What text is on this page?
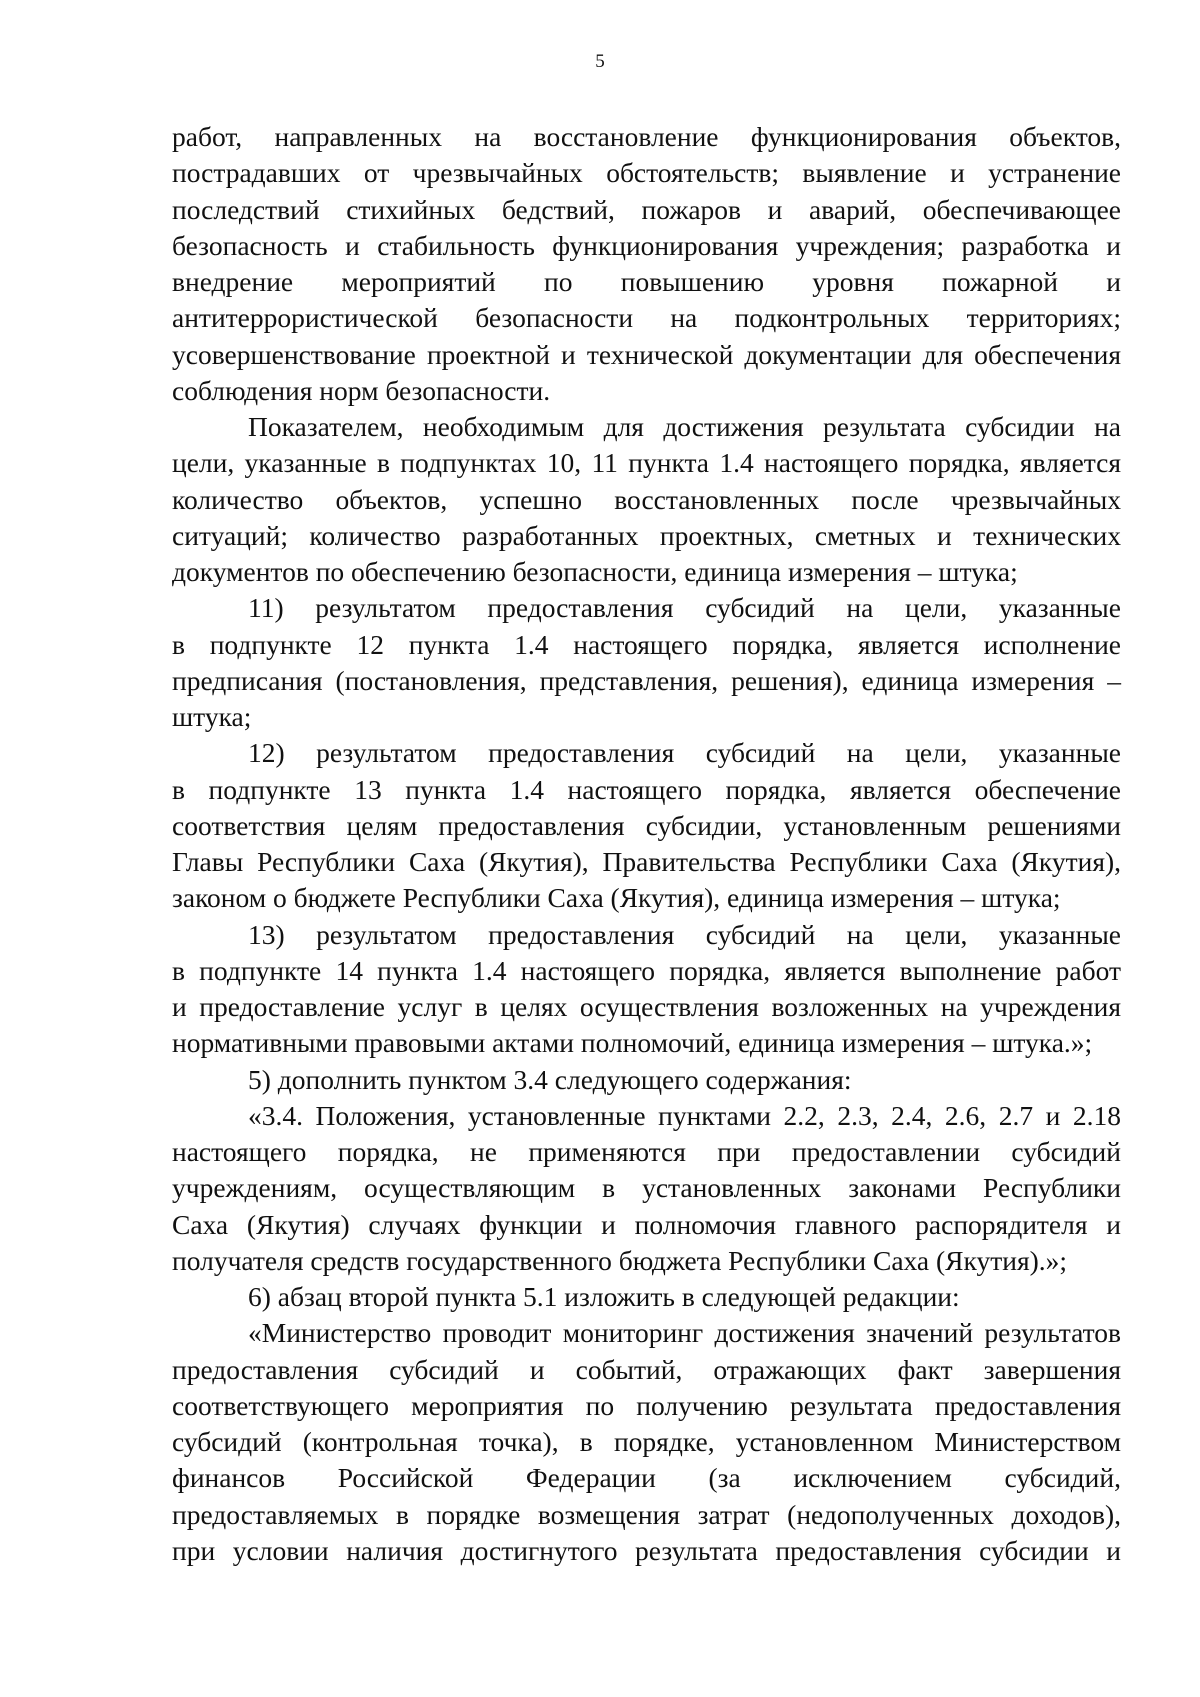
5
работ, направленных на восстановление функционирования объектов,
пострадавших от чрезвычайных обстоятельств; выявление и устранение
последствий стихийных бедствий, пожаров и аварий, обеспечивающее
безопасность и стабильность функционирования учреждения; разработка и
внедрение мероприятий по повышению уровня пожарной и
антитеррористической безопасности на подконтрольных территориях;
усовершенствование проектной и технической документации для обеспечения
соблюдения норм безопасности.
Показателем, необходимым для достижения результата субсидии на
цели, указанные в подпунктах 10, 11 пункта 1.4 настоящего порядка, является
количество объектов, успешно восстановленных после чрезвычайных
ситуаций; количество разработанных проектных, сметных и технических
документов по обеспечению безопасности, единица измерения – штука;
11) результатом предоставления субсидий на цели, указанные
в подпункте 12 пункта 1.4 настоящего порядка, является исполнение
предписания (постановления, представления, решения), единица измерения –
штука;
12) результатом предоставления субсидий на цели, указанные
в подпункте 13 пункта 1.4 настоящего порядка, является обеспечение
соответствия целям предоставления субсидии, установленным решениями
Главы Республики Саха (Якутия), Правительства Республики Саха (Якутия),
законом о бюджете Республики Саха (Якутия), единица измерения – штука;
13) результатом предоставления субсидий на цели, указанные
в подпункте 14 пункта 1.4 настоящего порядка, является выполнение работ
и предоставление услуг в целях осуществления возложенных на учреждения
нормативными правовыми актами полномочий, единица измерения – штука.»;
5) дополнить пунктом 3.4 следующего содержания:
«3.4. Положения, установленные пунктами 2.2, 2.3, 2.4, 2.6, 2.7 и 2.18
настоящего порядка, не применяются при предоставлении субсидий
учреждениям, осуществляющим в установленных законами Республики
Саха (Якутия) случаях функции и полномочия главного распорядителя и
получателя средств государственного бюджета Республики Саха (Якутия).»;
6) абзац второй пункта 5.1 изложить в следующей редакции:
«Министерство проводит мониторинг достижения значений результатов
предоставления субсидий и событий, отражающих факт завершения
соответствующего мероприятия по получению результата предоставления
субсидий (контрольная точка), в порядке, установленном Министерством
финансов Российской Федерации (за исключением субсидий,
предоставляемых в порядке возмещения затрат (недополученных доходов),
при условии наличия достигнутого результата предоставления субсидии и
